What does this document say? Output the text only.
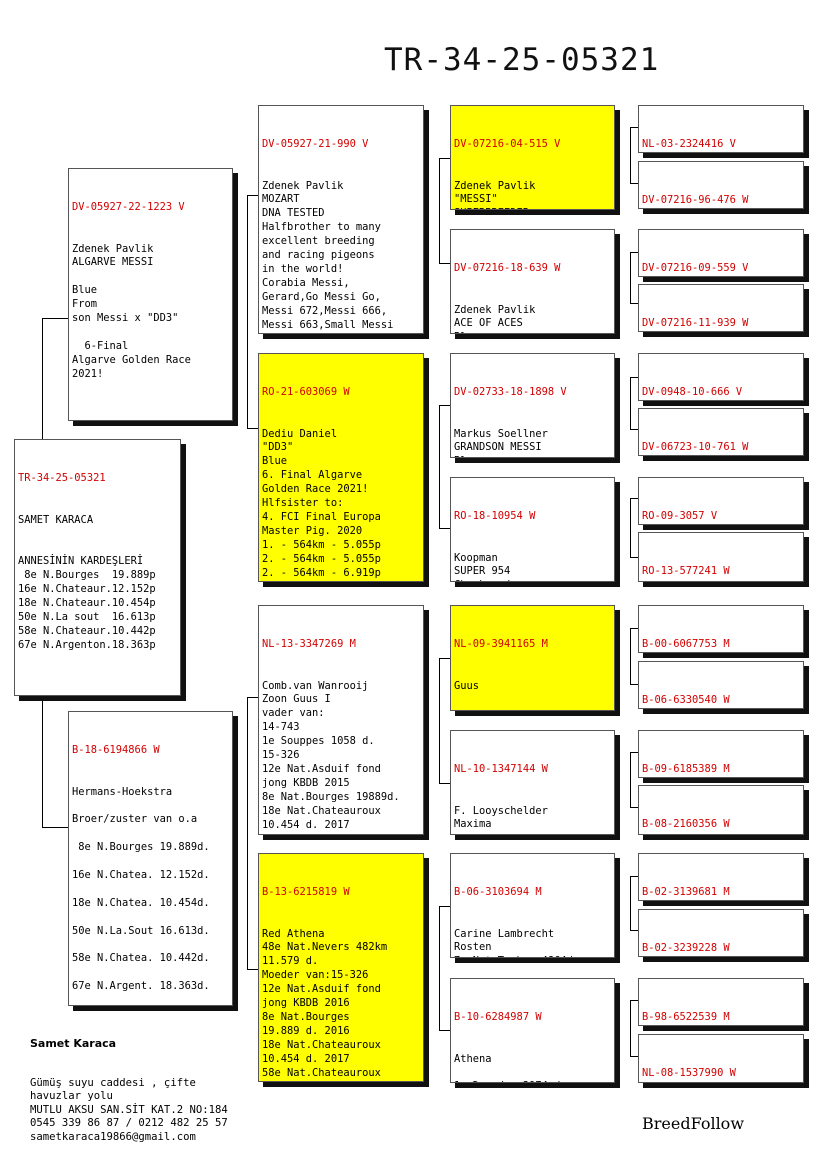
TR-34-25-05321

TR-34-25-05321

SAMET KARACA

ANNESİNİN KARDEŞLERİ
8e N.Bourges  19.889p
16e N.Chateaur.12.152p
18e N.Chateaur.10.454p
50e N.La sout  16.613p
58e N.Chateaur.10.442p
67e N.Argenton.18.363p

DV-05927-22-1223 V

Zdenek Pavlik
ALGARVE MESSI

Blue
From
son Messi x "DD3"

6-Final
Algarve Golden Race
2021!

B-18-6194866 W

Hermans-Hoekstra

Broer/zuster van o.a

8e N.Bourges 19.889d.

16e N.Chatea. 12.152d.

18e N.Chatea. 10.454d.

50e N.La.Sout 16.613d.

58e N.Chatea. 10.442d.

67e N.Argent. 18.363d.

DV-05927-21-990 V

Zdenek Pavlik
MOZART
DNA TESTED
Halfbrother to many
excellent breeding
and racing pigeons
in the world!
Corabia Messi,
Gerard,Go Messi Go,
Messi 672,Messi 666,
Messi 663,Small Messi

RO-21-603069 W

Dediu Daniel
"DD3"
Blue
6. Final Algarve
Golden Race 2021!
Hlfsister to:
4. FCI Final Europa
Master Pig. 2020
1. - 564km - 5.055p
2. - 564km - 5.055p
2. - 564km - 6.919p

NL-13-3347269 M

Comb.van Wanrooij
Zoon Guus I
vader van:
14-743
1e Souppes 1058 d.
15-326
12e Nat.Asduif fond
jong KBDB 2015
8e Nat.Bourges 19889d.
18e Nat.Chateauroux
10.454 d. 2017

B-13-6215819 W

Red Athena
48e Nat.Nevers 482km
11.579 d.
Moeder van:15-326
12e Nat.Asduif fond
jong KBDB 2016
8e Nat.Bourges
19.889 d. 2016
18e Nat.Chateauroux
10.454 d. 2017
58e Nat.Chateauroux

DV-07216-04-515 V

Zdenek Pavlik
"MESSI"

DV-07216-18-639 W

Zdenek Pavlik
ACE OF ACES

DV-02733-18-1898 V

Markus Soellner
GRANDSON MESSI

RO-18-10954 W

Koopman
SUPER 954

NL-09-3941165 M

Guus

NL-10-1347144 W

F. Looyschelder
Maxima

B-06-3103694 M

Carine Lambrecht
Rosten

B-10-6284987 W

Athena

NL-03-2324416 V

DV-07216-96-476 W

DV-07216-09-559 V

DV-07216-11-939 W

DV-0948-10-666 V

DV-06723-10-761 W

RO-09-3057 V

RO-13-577241 W

B-00-6067753 M

B-06-6330540 W

B-09-6185389 M

B-08-2160356 W

B-02-3139681 M

B-02-3239228 W

B-98-6522539 M

NL-08-1537990 W

Samet Karaca

Gümüş suyu caddesi , çifte
havuzlar yolu
MUTLU AKSU SAN.SİT KAT.2 NO:184
0545 339 86 87 / 0212 482 25 57
sametkaraca19866@gmail.com

BreedFollow
